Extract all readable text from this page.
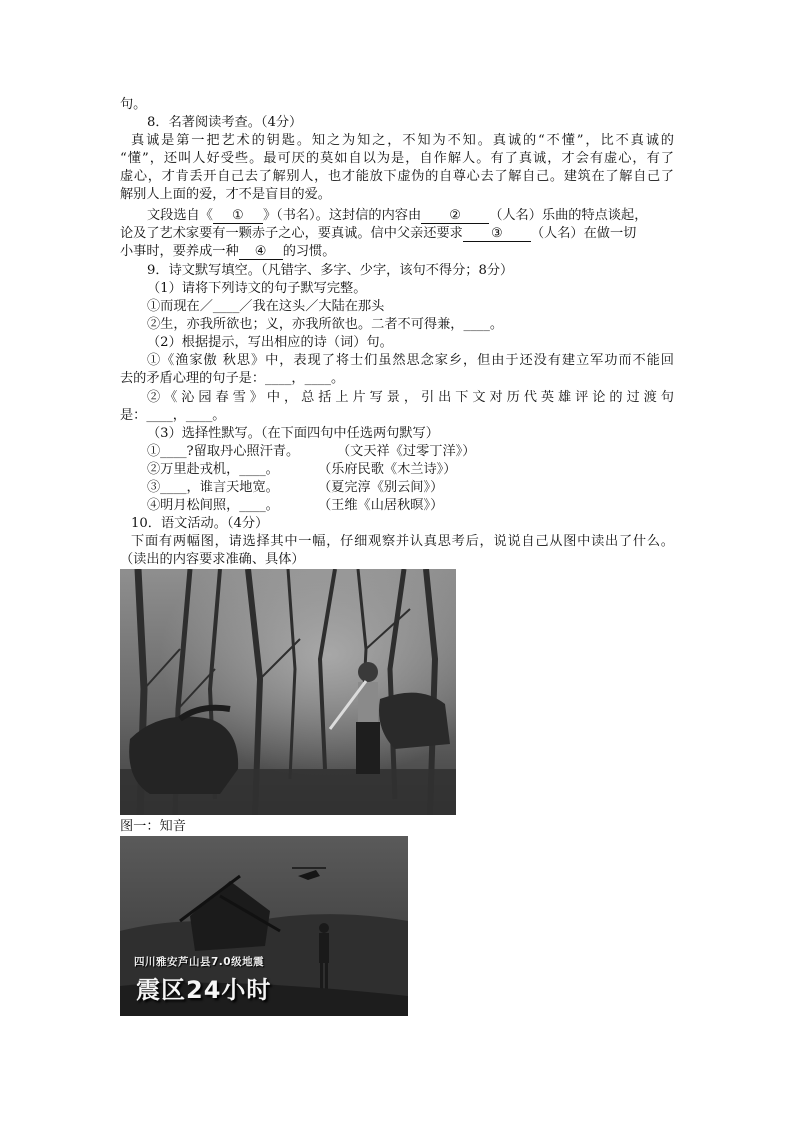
句。
8．名著阅读考查。（4分）
真诚是第一把艺术的钥匙。知之为知之，不知为不知。真诚的“不懂”，比不真诚的
“懂”，还叫人好受些。最可厌的莫如自以为是，自作解人。有了真诚，才会有虚心，有了
虚心，才肯丢开自己去了解别人，也才能放下虚伪的自尊心去了解自己。建筑在了解自己了
解别人上面的爱，才不是盲目的爱。
文段选自《 ① 》（书名）。这封信的内容由 ② （人名）乐曲的特点谈起，
论及了艺术家要有一颗赤子之心，要真诚。信中父亲还要求 ③ （人名）在做一切
小事时，要养成一种 ④ 的习惯。
9．诗文默写填空。（凡错字、多字、少字，该句不得分；8分）
（1）请将下列诗文的句子默写完整。
①而现在／____／我在这头／大陆在那头
②生，亦我所欲也；义，亦我所欲也。二者不可得兼，____。
（2）根据提示，写出相应的诗（词）句。
①《渔家傲 秋思》中，表现了将士们虽然思念家乡，但由于还没有建立军功而不能回
去的矛盾心理的句子是：____，____。
②《沁园春雪》中，总括上片写景，引出下文对历代英雄评论的过渡句
是：____，____。
（3）选择性默写。（在下面四句中任选两句默写）
①____?留取丹心照汗青。	（文天祥《过零丁洋》）
②万里赴戎机，____。	（乐府民歌《木兰诗》）
③____，谁言天地宽。	（夏完淳《别云间》）
④明月松间照，____。	（王维《山居秋暝》）
10．语文活动。（4分）
下面有两幅图，请选择其中一幅，仔细观察并认真思考后，说说自己从图中读出了什么。
（读出的内容要求准确、具体）
图一：知音
四川雅安芦山县7.0级地震
震区24小时
